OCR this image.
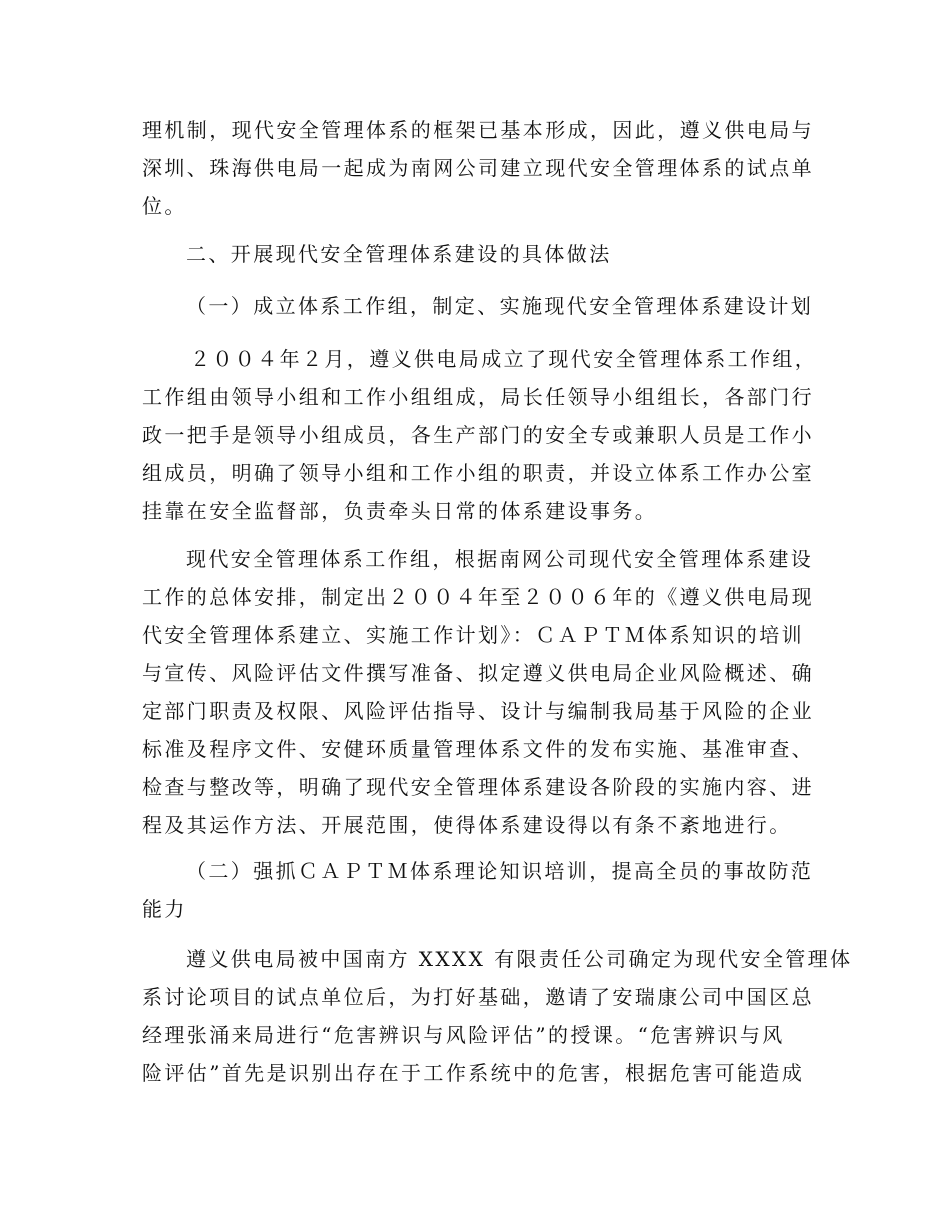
理机制，现代安全管理体系的框架已基本形成，因此，遵义供电局与
深圳、珠海供电局一起成为南网公司建立现代安全管理体系的试点单
位。
二、开展现代安全管理体系建设的具体做法
（一）成立体系工作组，制定、实施现代安全管理体系建设计划
２００４年２月，遵义供电局成立了现代安全管理体系工作组，
工作组由领导小组和工作小组组成，局长任领导小组组长，各部门行
政一把手是领导小组成员，各生产部门的安全专或兼职人员是工作小
组成员，明确了领导小组和工作小组的职责，并设立体系工作办公室
挂靠在安全监督部，负责牵头日常的体系建设事务。
现代安全管理体系工作组，根据南网公司现代安全管理体系建设
工作的总体安排，制定出２００４年至２００６年的《遵义供电局现
代安全管理体系建立、实施工作计划》：ＣＡＰＴＭ体系知识的培训
与宣传、风险评估文件撰写准备、拟定遵义供电局企业风险概述、确
定部门职责及权限、风险评估指导、设计与编制我局基于风险的企业
标准及程序文件、安健环质量管理体系文件的发布实施、基准审查、
检查与整改等，明确了现代安全管理体系建设各阶段的实施内容、进
程及其运作方法、开展范围，使得体系建设得以有条不紊地进行。
（二）强抓ＣＡＰＴＭ体系理论知识培训，提高全员的事故防范
能力
遵义供电局被中国南方 XXXX 有限责任公司确定为现代安全管理体
系讨论项目的试点单位后，为打好基础，邀请了安瑞康公司中国区总
经理张涌来局进行“危害辨识与风险评估”的授课。“危害辨识与风
险评估”首先是识别出存在于工作系统中的危害，根据危害可能造成
